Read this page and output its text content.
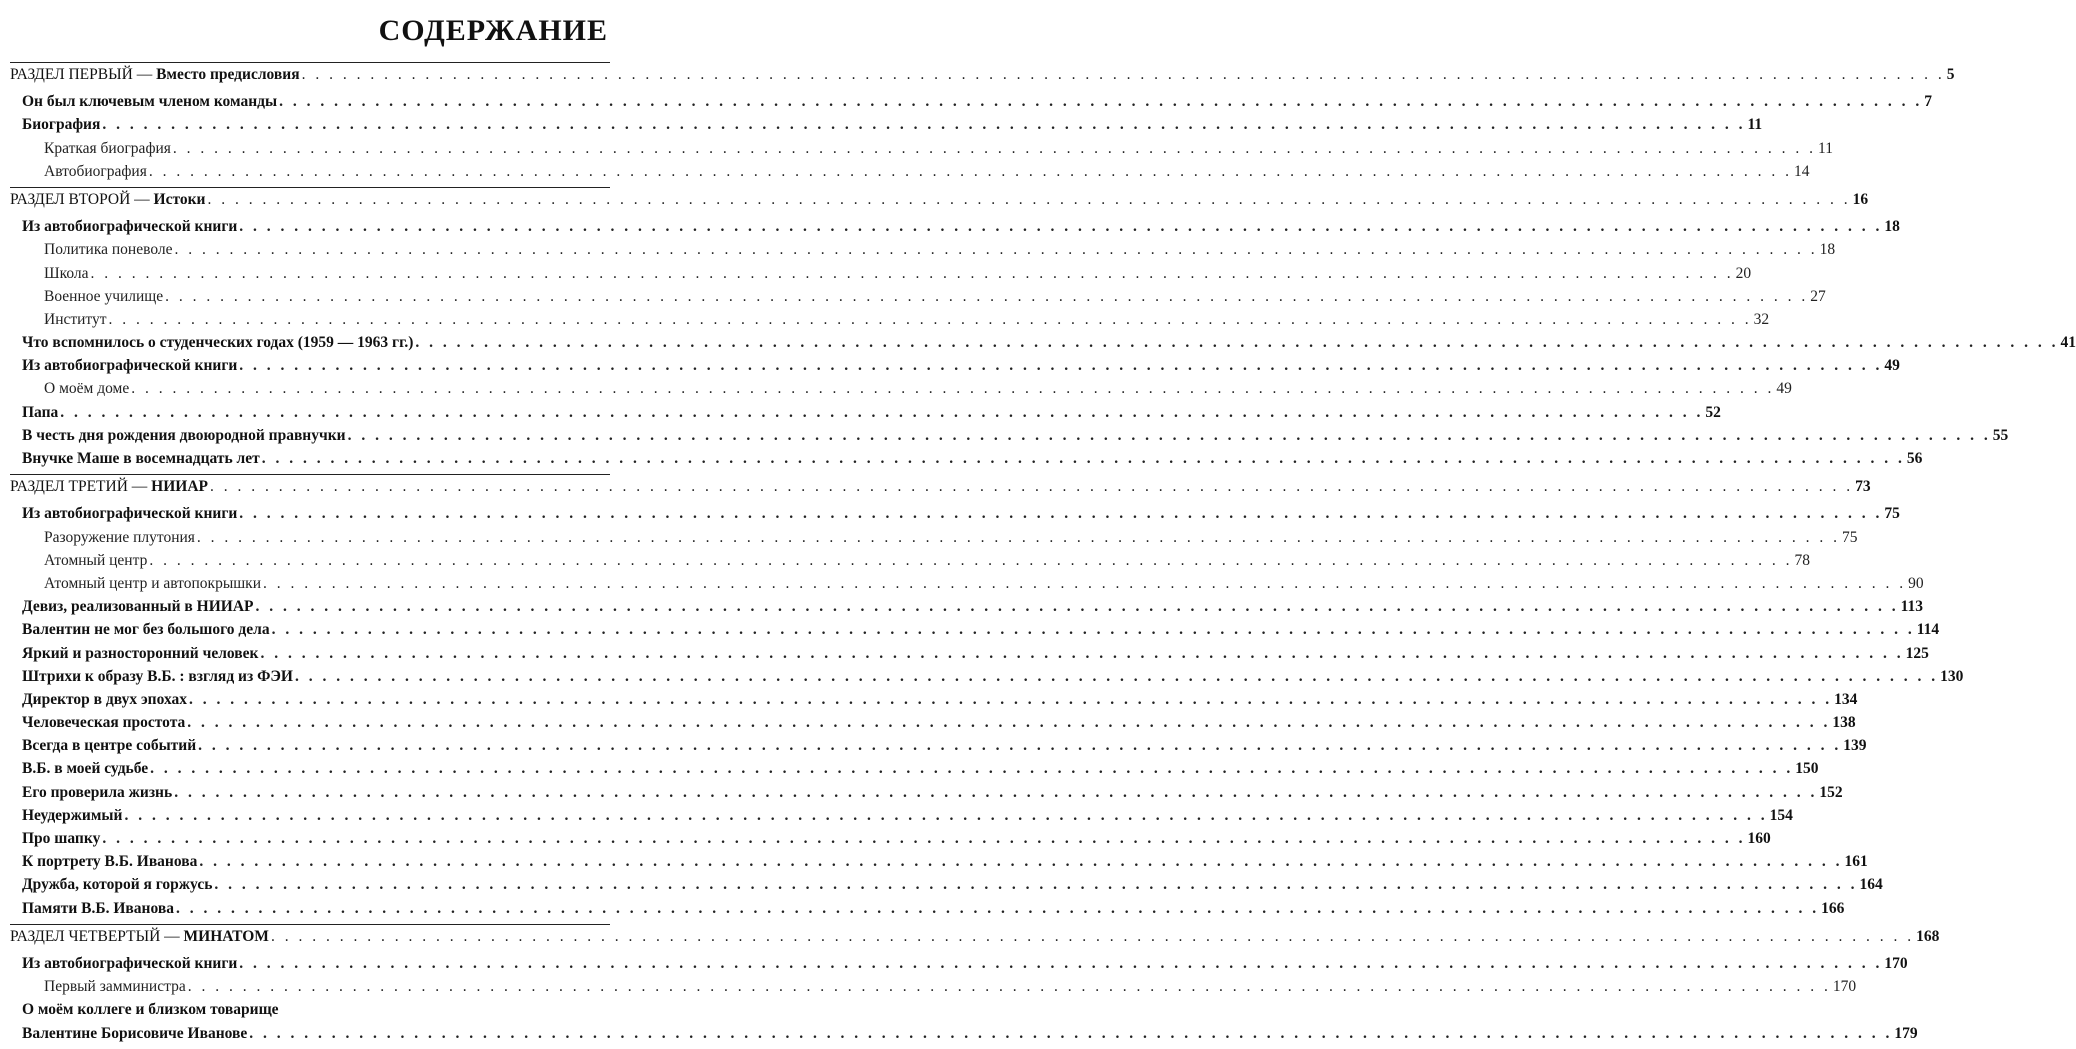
СОДЕРЖАНИЕ
РАЗДЕЛ ПЕРВЫЙ — Вместо предисловия . . . . . . . . . . . . . . . . . . . . . . . . . . . . . . . . . . . . . . . . . . . . . . . . . . . . . . . . . . . . . . . . . . . . . . . . . . . . . . . . . . . . . . . . . . . . . . . . . . . . . . . . . . . . . . . . . . . . . . . . 5
Он был ключевым членом команды . . . . . . . . . . . . . . . . . . . . . . . . . . . . . . . . . . . . . . . . . . . . . . . . . . . . . . . . . . . . . . . . . . . . . . . . . . . . . . . . . . . . . . . . . . . . . . . . . . . . . . . . . . . . . . . . . . . . . . . . 7
Биография . . . . . . . . . . . . . . . . . . . . . . . . . . . . . . . . . . . . . . . . . . . . . . . . . . . . . . . . . . . . . . . . . . . . . . . . . . . . . . . . . . . . . . . . . . . . . . . . . . . . . . . . . . . . . . . . . . . . . . . . 11
Краткая биография . . . . . . . . . . . . . . . . . . . . . . . . . . . . . . . . . . . . . . . . . . . . . . . . . . . . . . . . . . . . . . . . . . . . . . . . . . . . . . . . . . . . . . . . . . . . . . . . . . . . . . . . . . . . . . . . . . . . . . . . 11
Автобиография . . . . . . . . . . . . . . . . . . . . . . . . . . . . . . . . . . . . . . . . . . . . . . . . . . . . . . . . . . . . . . . . . . . . . . . . . . . . . . . . . . . . . . . . . . . . . . . . . . . . . . . . . . . . . . . . . . . . . . . . 14
РАЗДЕЛ ВТОРОЙ — Истоки . . . . . . . . . . . . . . . . . . . . . . . . . . . . . . . . . . . . . . . . . . . . . . . . . . . . . . . . . . . . . . . . . . . . . . . . . . . . . . . . . . . . . . . . . . . . . . . . . . . . . . . . . . . . . . . . . . . . . . . . 16
Из автобиографической книги . . . . . . . . . . . . . . . . . . . . . . . . . . . . . . . . . . . . . . . . . . . . . . . . . . . . . . . . . . . . . . . . . . . . . . . . . . . . . . . . . . . . . . . . . . . . . . . . . . . . . . . . . . . . . . . . . . . . . . . . 18
Политика поневоле . . . . . . . . . . . . . . . . . . . . . . . . . . . . . . . . . . . . . . . . . . . . . . . . . . . . . . . . . . . . . . . . . . . . . . . . . . . . . . . . . . . . . . . . . . . . . . . . . . . . . . . . . . . . . . . . . . . . . . . . 18
Школа . . . . . . . . . . . . . . . . . . . . . . . . . . . . . . . . . . . . . . . . . . . . . . . . . . . . . . . . . . . . . . . . . . . . . . . . . . . . . . . . . . . . . . . . . . . . . . . . . . . . . . . . . . . . . . . . . . . . . . . . 20
Военное училище . . . . . . . . . . . . . . . . . . . . . . . . . . . . . . . . . . . . . . . . . . . . . . . . . . . . . . . . . . . . . . . . . . . . . . . . . . . . . . . . . . . . . . . . . . . . . . . . . . . . . . . . . . . . . . . . . . . . . . . . 27
Институт . . . . . . . . . . . . . . . . . . . . . . . . . . . . . . . . . . . . . . . . . . . . . . . . . . . . . . . . . . . . . . . . . . . . . . . . . . . . . . . . . . . . . . . . . . . . . . . . . . . . . . . . . . . . . . . . . . . . . . . . 32
Что вспомнилось о студенческих годах (1959 — 1963 гг.) . . . . . . . . . . . . . . . . . . . . . . . . . . . . . . . . . . . . . . . . . . . . . . . . . . . . . . . . . . . . . . . . . . . . . . . . . . . . . . . . . . . . . . . . . . . . . . . . . . . . . . . . . . . . . . . . . . . . . . . . 41
Из автобиографической книги . . . . . . . . . . . . . . . . . . . . . . . . . . . . . . . . . . . . . . . . . . . . . . . . . . . . . . . . . . . . . . . . . . . . . . . . . . . . . . . . . . . . . . . . . . . . . . . . . . . . . . . . . . . . . . . . . . . . . . . . 49
О моём доме . . . . . . . . . . . . . . . . . . . . . . . . . . . . . . . . . . . . . . . . . . . . . . . . . . . . . . . . . . . . . . . . . . . . . . . . . . . . . . . . . . . . . . . . . . . . . . . . . . . . . . . . . . . . . . . . . . . . . . . . 49
Папа . . . . . . . . . . . . . . . . . . . . . . . . . . . . . . . . . . . . . . . . . . . . . . . . . . . . . . . . . . . . . . . . . . . . . . . . . . . . . . . . . . . . . . . . . . . . . . . . . . . . . . . . . . . . . . . . . . . . . . . . 52
В честь дня рождения двоюродной правнучки . . . . . . . . . . . . . . . . . . . . . . . . . . . . . . . . . . . . . . . . . . . . . . . . . . . . . . . . . . . . . . . . . . . . . . . . . . . . . . . . . . . . . . . . . . . . . . . . . . . . . . . . . . . . . . . . . . . . . . . . 55
Внучке Маше в восемнадцать лет . . . . . . . . . . . . . . . . . . . . . . . . . . . . . . . . . . . . . . . . . . . . . . . . . . . . . . . . . . . . . . . . . . . . . . . . . . . . . . . . . . . . . . . . . . . . . . . . . . . . . . . . . . . . . . . . . . . . . . . . 56
РАЗДЕЛ ТРЕТИЙ — НИИАР . . . . . . . . . . . . . . . . . . . . . . . . . . . . . . . . . . . . . . . . . . . . . . . . . . . . . . . . . . . . . . . . . . . . . . . . . . . . . . . . . . . . . . . . . . . . . . . . . . . . . . . . . . . . . . . . . . . . . . . . 73
Из автобиографической книги . . . . . . . . . . . . . . . . . . . . . . . . . . . . . . . . . . . . . . . . . . . . . . . . . . . . . . . . . . . . . . . . . . . . . . . . . . . . . . . . . . . . . . . . . . . . . . . . . . . . . . . . . . . . . . . . . . . . . . . . 75
Разоружение плутония . . . . . . . . . . . . . . . . . . . . . . . . . . . . . . . . . . . . . . . . . . . . . . . . . . . . . . . . . . . . . . . . . . . . . . . . . . . . . . . . . . . . . . . . . . . . . . . . . . . . . . . . . . . . . . . . . . . . . . . . 75
Атомный центр . . . . . . . . . . . . . . . . . . . . . . . . . . . . . . . . . . . . . . . . . . . . . . . . . . . . . . . . . . . . . . . . . . . . . . . . . . . . . . . . . . . . . . . . . . . . . . . . . . . . . . . . . . . . . . . . . . . . . . . . 78
Атомный центр и автопокрышки . . . . . . . . . . . . . . . . . . . . . . . . . . . . . . . . . . . . . . . . . . . . . . . . . . . . . . . . . . . . . . . . . . . . . . . . . . . . . . . . . . . . . . . . . . . . . . . . . . . . . . . . . . . . . . . . . . . . . . . . 90
Девиз, реализованный в НИИАР . . . . . . . . . . . . . . . . . . . . . . . . . . . . . . . . . . . . . . . . . . . . . . . . . . . . . . . . . . . . . . . . . . . . . . . . . . . . . . . . . . . . . . . . . . . . . . . . . . . . . . . . . . . . . . . . . . . . . . . . 113
Валентин не мог без большого дела . . . . . . . . . . . . . . . . . . . . . . . . . . . . . . . . . . . . . . . . . . . . . . . . . . . . . . . . . . . . . . . . . . . . . . . . . . . . . . . . . . . . . . . . . . . . . . . . . . . . . . . . . . . . . . . . . . . . . . . . 114
Яркий и разносторонний человек . . . . . . . . . . . . . . . . . . . . . . . . . . . . . . . . . . . . . . . . . . . . . . . . . . . . . . . . . . . . . . . . . . . . . . . . . . . . . . . . . . . . . . . . . . . . . . . . . . . . . . . . . . . . . . . . . . . . . . . . 125
Штрихи к образу В.Б. : взгляд из ФЭИ . . . . . . . . . . . . . . . . . . . . . . . . . . . . . . . . . . . . . . . . . . . . . . . . . . . . . . . . . . . . . . . . . . . . . . . . . . . . . . . . . . . . . . . . . . . . . . . . . . . . . . . . . . . . . . . . . . . . . . . . 130
Директор в двух эпохах . . . . . . . . . . . . . . . . . . . . . . . . . . . . . . . . . . . . . . . . . . . . . . . . . . . . . . . . . . . . . . . . . . . . . . . . . . . . . . . . . . . . . . . . . . . . . . . . . . . . . . . . . . . . . . . . . . . . . . . . 134
Человеческая простота . . . . . . . . . . . . . . . . . . . . . . . . . . . . . . . . . . . . . . . . . . . . . . . . . . . . . . . . . . . . . . . . . . . . . . . . . . . . . . . . . . . . . . . . . . . . . . . . . . . . . . . . . . . . . . . . . . . . . . . . 138
Всегда в центре событий . . . . . . . . . . . . . . . . . . . . . . . . . . . . . . . . . . . . . . . . . . . . . . . . . . . . . . . . . . . . . . . . . . . . . . . . . . . . . . . . . . . . . . . . . . . . . . . . . . . . . . . . . . . . . . . . . . . . . . . . 139
В.Б. в моей судьбе . . . . . . . . . . . . . . . . . . . . . . . . . . . . . . . . . . . . . . . . . . . . . . . . . . . . . . . . . . . . . . . . . . . . . . . . . . . . . . . . . . . . . . . . . . . . . . . . . . . . . . . . . . . . . . . . . . . . . . . . 150
Его проверила жизнь . . . . . . . . . . . . . . . . . . . . . . . . . . . . . . . . . . . . . . . . . . . . . . . . . . . . . . . . . . . . . . . . . . . . . . . . . . . . . . . . . . . . . . . . . . . . . . . . . . . . . . . . . . . . . . . . . . . . . . . . 152
Неудержимый . . . . . . . . . . . . . . . . . . . . . . . . . . . . . . . . . . . . . . . . . . . . . . . . . . . . . . . . . . . . . . . . . . . . . . . . . . . . . . . . . . . . . . . . . . . . . . . . . . . . . . . . . . . . . . . . . . . . . . . . 154
Про шапку . . . . . . . . . . . . . . . . . . . . . . . . . . . . . . . . . . . . . . . . . . . . . . . . . . . . . . . . . . . . . . . . . . . . . . . . . . . . . . . . . . . . . . . . . . . . . . . . . . . . . . . . . . . . . . . . . . . . . . . . 160
К портрету В.Б. Иванова . . . . . . . . . . . . . . . . . . . . . . . . . . . . . . . . . . . . . . . . . . . . . . . . . . . . . . . . . . . . . . . . . . . . . . . . . . . . . . . . . . . . . . . . . . . . . . . . . . . . . . . . . . . . . . . . . . . . . . . . 161
Дружба, которой я горжусь . . . . . . . . . . . . . . . . . . . . . . . . . . . . . . . . . . . . . . . . . . . . . . . . . . . . . . . . . . . . . . . . . . . . . . . . . . . . . . . . . . . . . . . . . . . . . . . . . . . . . . . . . . . . . . . . . . . . . . . . 164
Памяти В.Б. Иванова . . . . . . . . . . . . . . . . . . . . . . . . . . . . . . . . . . . . . . . . . . . . . . . . . . . . . . . . . . . . . . . . . . . . . . . . . . . . . . . . . . . . . . . . . . . . . . . . . . . . . . . . . . . . . . . . . . . . . . . . 166
РАЗДЕЛ ЧЕТВЕРТЫЙ — МИНАТОМ . . . . . . . . . . . . . . . . . . . . . . . . . . . . . . . . . . . . . . . . . . . . . . . . . . . . . . . . . . . . . . . . . . . . . . . . . . . . . . . . . . . . . . . . . . . . . . . . . . . . . . . . . . . . . . . . . . . . . . . . 168
Из автобиографической книги . . . . . . . . . . . . . . . . . . . . . . . . . . . . . . . . . . . . . . . . . . . . . . . . . . . . . . . . . . . . . . . . . . . . . . . . . . . . . . . . . . . . . . . . . . . . . . . . . . . . . . . . . . . . . . . . . . . . . . . . 170
Первый замминистра . . . . . . . . . . . . . . . . . . . . . . . . . . . . . . . . . . . . . . . . . . . . . . . . . . . . . . . . . . . . . . . . . . . . . . . . . . . . . . . . . . . . . . . . . . . . . . . . . . . . . . . . . . . . . . . . . . . . . . . . 170
О моём коллеге и близком товарище
Валентине Борисовиче Иванове . . . . . . . . . . . . . . . . . . . . . . . . . . . . . . . . . . . . . . . . . . . . . . . . . . . . . . . . . . . . . . . . . . . . . . . . . . . . . . . . . . . . . . . . . . . . . . . . . . . . . . . . . . . . . . . . . . . . . . . . 179
